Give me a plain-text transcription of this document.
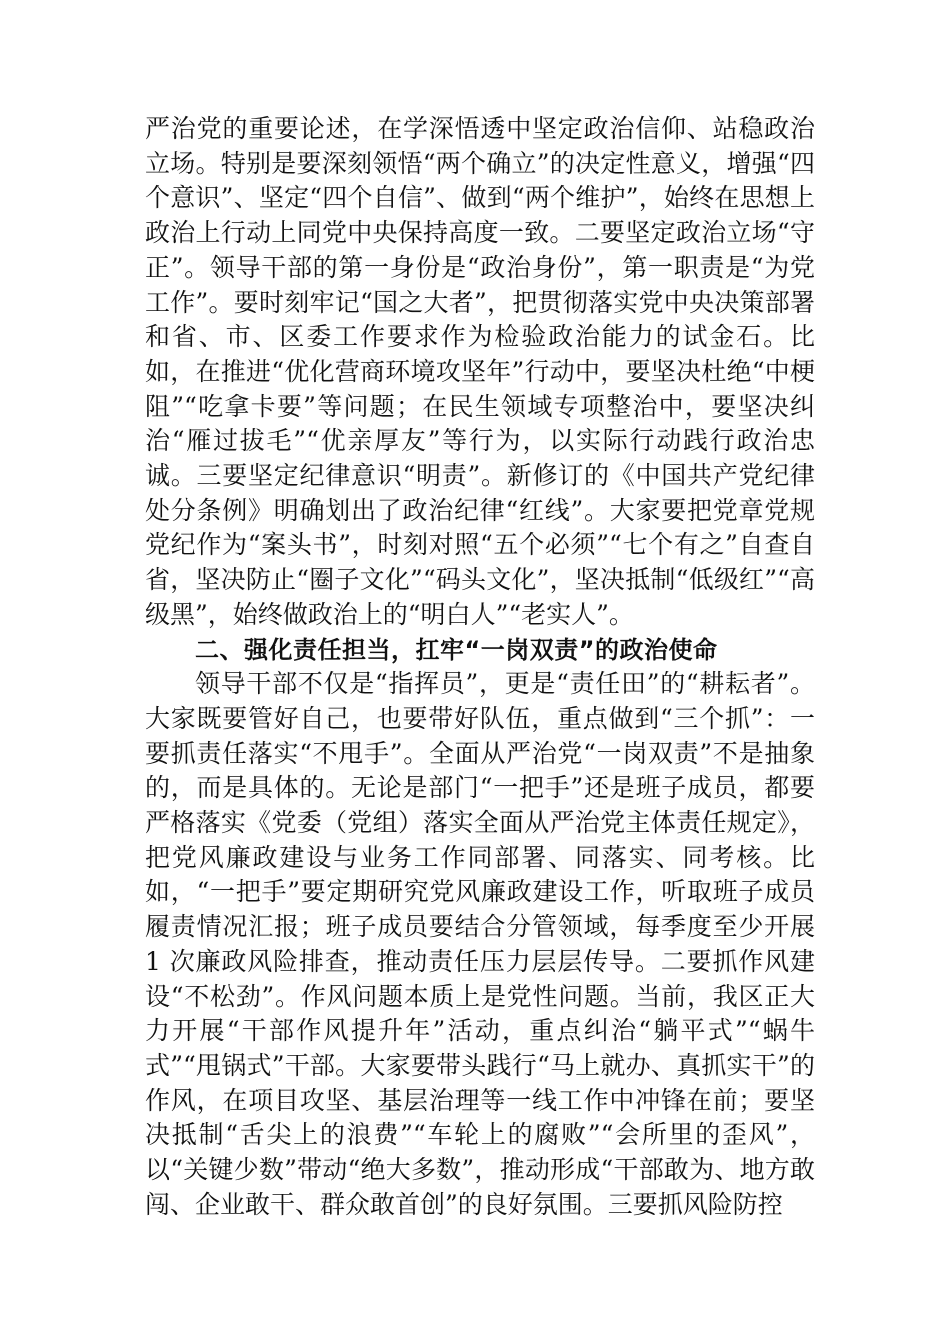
严治党的重要论述，在学深悟透中坚定政治信仰、站稳政治立场。特别是要深刻领悟“两个确立”的决定性意义，增强“四个意识”、坚定“四个自信”、做到“两个维护”，始终在思想上政治上行动上同党中央保持高度一致。二要坚定政治立场“守正”。领导干部的第一身份是“政治身份”，第一职责是“为党工作”。要时刻牢记“国之大者”，把贯彻落实党中央决策部署和省、市、区委工作要求作为检验政治能力的试金石。比如，在推进“优化营商环境攻坚年”行动中，要坚决杜绝“中梗阻”“吃拿卡要”等问题；在民生领域专项整治中，要坚决纠治“雁过拔毛”“优亲厚友”等行为，以实际行动践行政治忠诚。三要坚定纪律意识“明责”。新修订的《中国共产党纪律处分条例》明确划出了政治纪律“红线”。大家要把党章党规党纪作为“案头书”，时刻对照“五个必须”“七个有之”自查自省，坚决防止“圈子文化”“码头文化”，坚决抵制“低级红”“高级黑”，始终做政治上的“明白人”“老实人”。

二、强化责任担当，扛牢“一岗双责”的政治使命

领导干部不仅是“指挥员”，更是“责任田”的“耕耘者”。大家既要管好自己，也要带好队伍，重点做到“三个抓”：一要抓责任落实“不甩手”。全面从严治党“一岗双责”不是抽象的，而是具体的。无论是部门“一把手”还是班子成员，都要严格落实《党委（党组）落实全面从严治党主体责任规定》，把党风廉政建设与业务工作同部署、同落实、同考核。比如，“一把手”要定期研究党风廉政建设工作，听取班子成员履责情况汇报；班子成员要结合分管领域，每季度至少开展 1 次廉政风险排查，推动责任压力层层传导。二要抓作风建设“不松劲”。作风问题本质上是党性问题。当前，我区正大力开展“干部作风提升年”活动，重点纠治“躺平式”“蜗牛式”“甩锅式”干部。大家要带头践行“马上就办、真抓实干”的作风，在项目攻坚、基层治理等一线工作中冲锋在前；要坚决抵制“舌尖上的浪费”“车轮上的腐败”“会所里的歪风”，以“关键少数”带动“绝大多数”，推动形成“干部敢为、地方敢闯、企业敢干、群众敢首创”的良好氛围。三要抓风险防控
